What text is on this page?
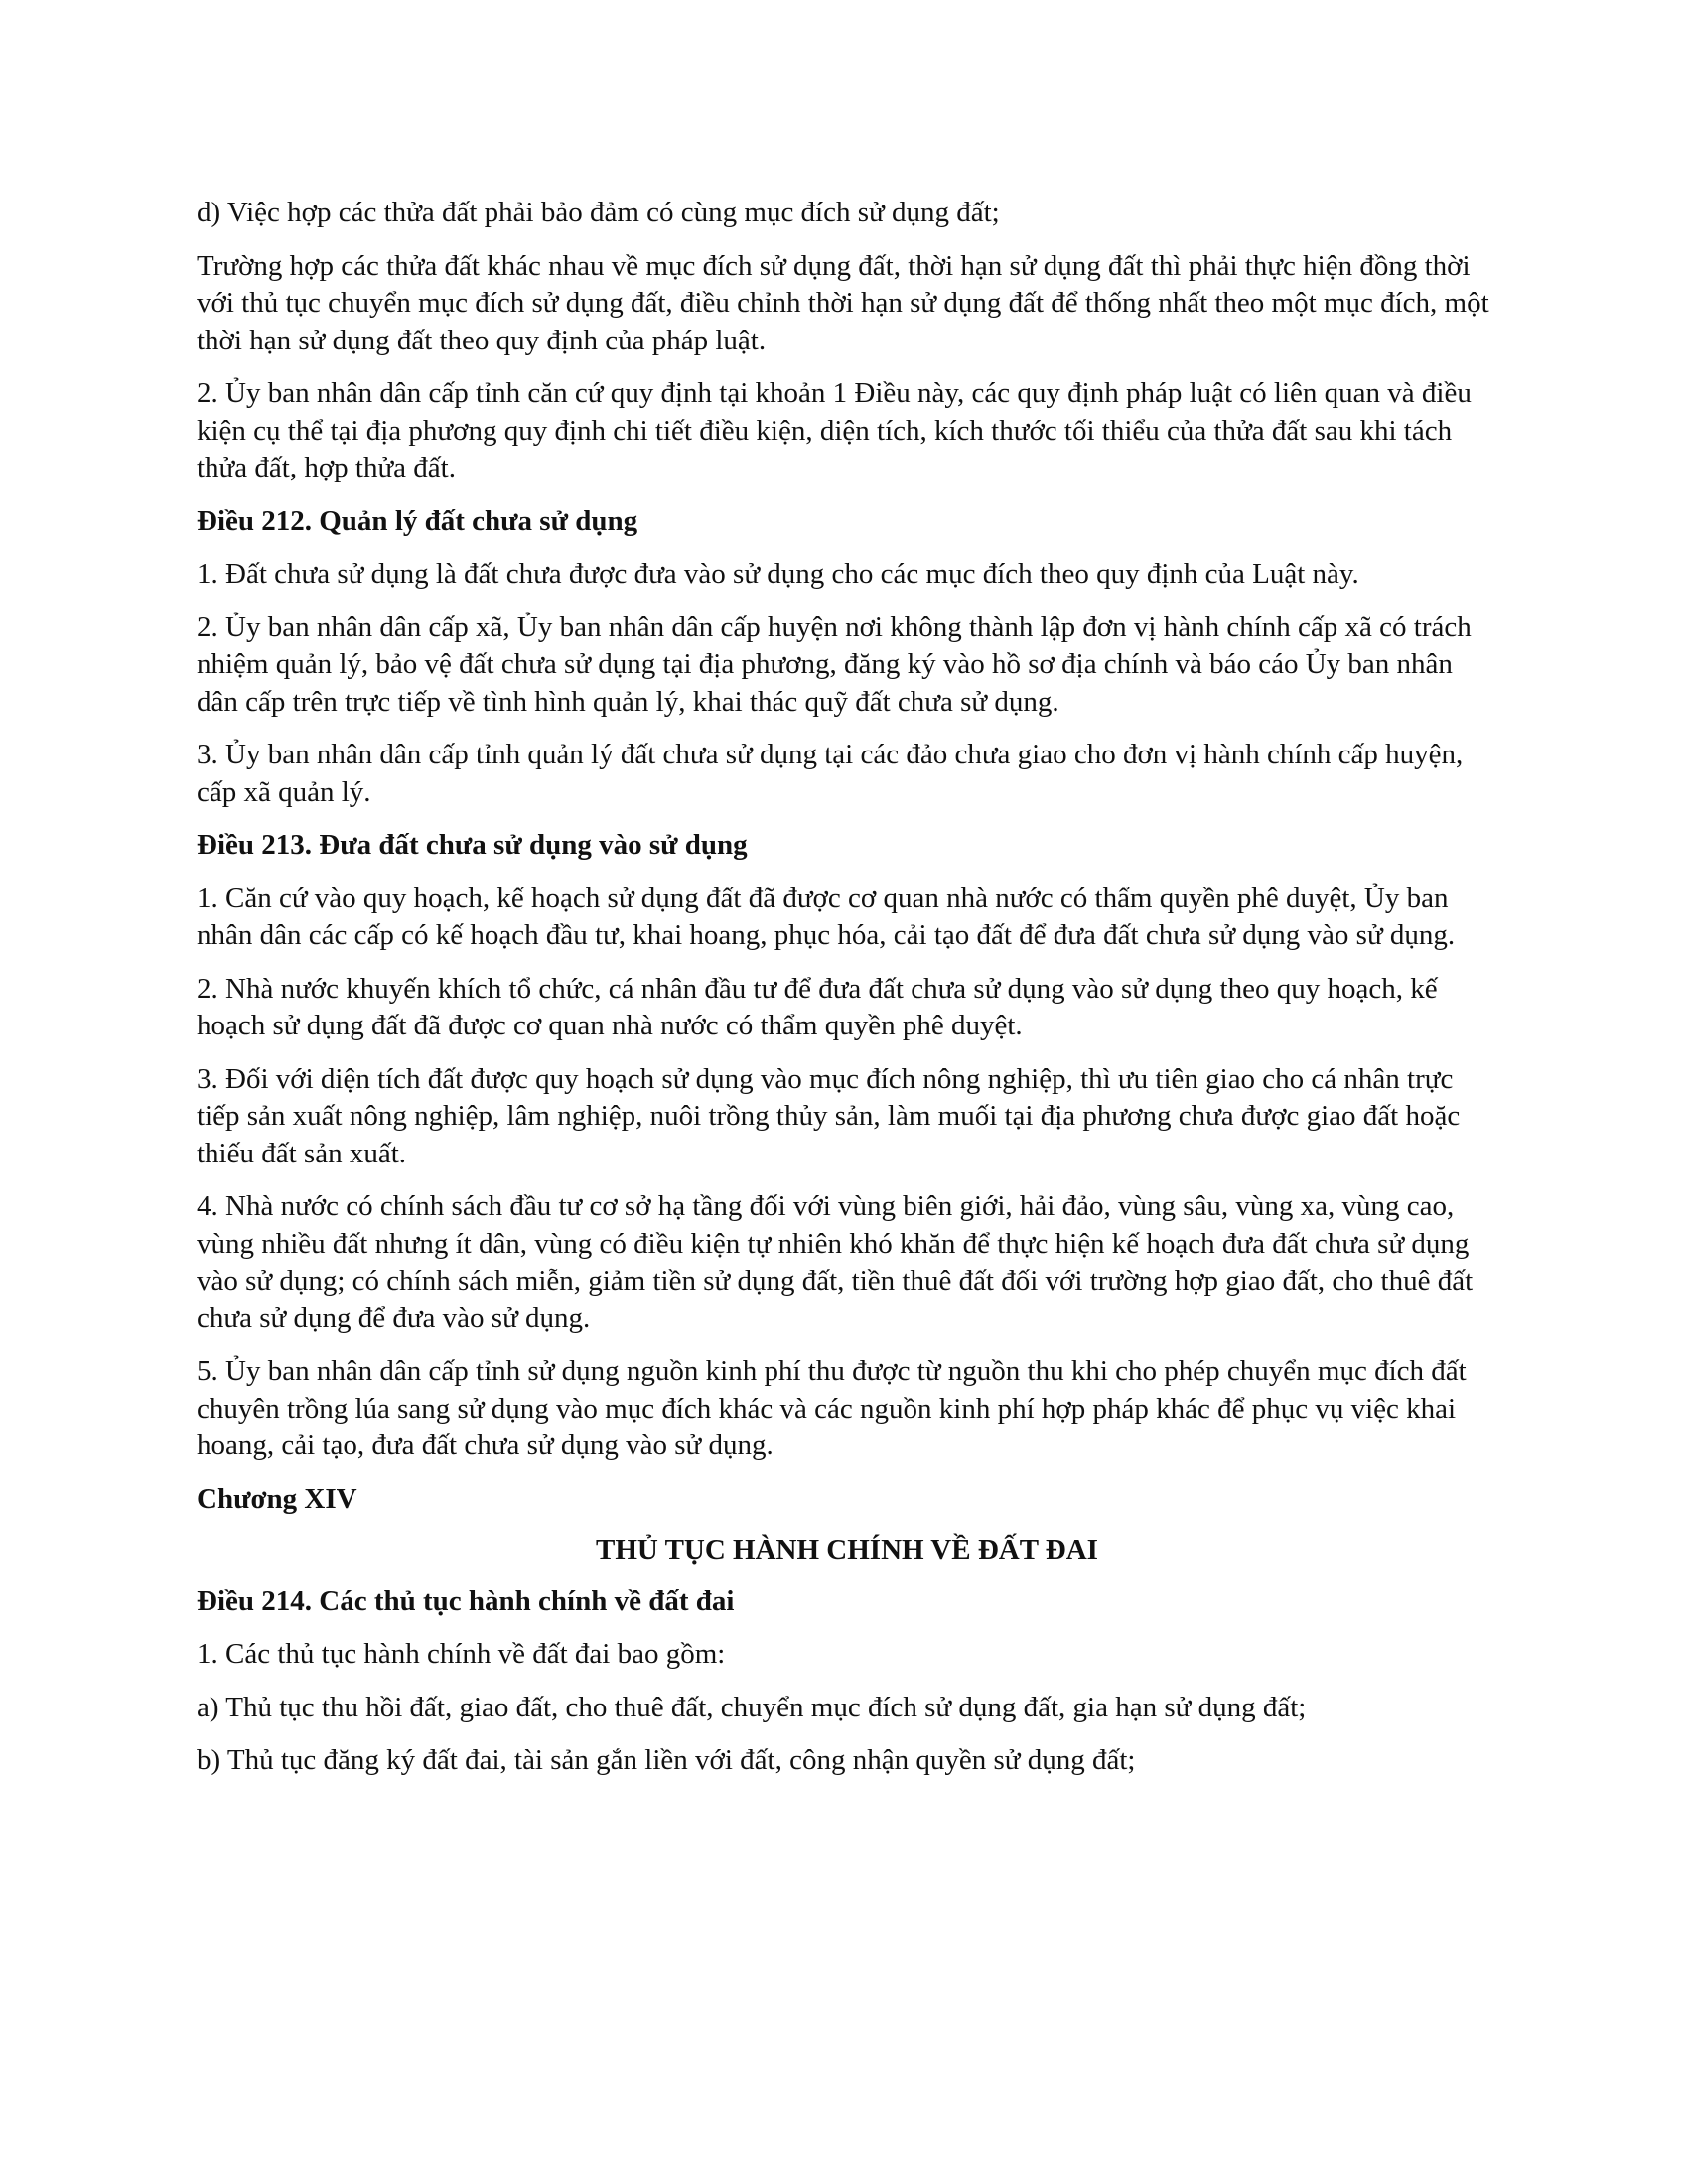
d) Việc hợp các thửa đất phải bảo đảm có cùng mục đích sử dụng đất;

Trường hợp các thửa đất khác nhau về mục đích sử dụng đất, thời hạn sử dụng đất thì phải thực hiện đồng thời với thủ tục chuyển mục đích sử dụng đất, điều chỉnh thời hạn sử dụng đất để thống nhất theo một mục đích, một thời hạn sử dụng đất theo quy định của pháp luật.

2. Ủy ban nhân dân cấp tỉnh căn cứ quy định tại khoản 1 Điều này, các quy định pháp luật có liên quan và điều kiện cụ thể tại địa phương quy định chi tiết điều kiện, diện tích, kích thước tối thiểu của thửa đất sau khi tách thửa đất, hợp thửa đất.

Điều 212. Quản lý đất chưa sử dụng

1. Đất chưa sử dụng là đất chưa được đưa vào sử dụng cho các mục đích theo quy định của Luật này.

2. Ủy ban nhân dân cấp xã, Ủy ban nhân dân cấp huyện nơi không thành lập đơn vị hành chính cấp xã có trách nhiệm quản lý, bảo vệ đất chưa sử dụng tại địa phương, đăng ký vào hồ sơ địa chính và báo cáo Ủy ban nhân dân cấp trên trực tiếp về tình hình quản lý, khai thác quỹ đất chưa sử dụng.

3. Ủy ban nhân dân cấp tỉnh quản lý đất chưa sử dụng tại các đảo chưa giao cho đơn vị hành chính cấp huyện, cấp xã quản lý.

Điều 213. Đưa đất chưa sử dụng vào sử dụng

1. Căn cứ vào quy hoạch, kế hoạch sử dụng đất đã được cơ quan nhà nước có thẩm quyền phê duyệt, Ủy ban nhân dân các cấp có kế hoạch đầu tư, khai hoang, phục hóa, cải tạo đất để đưa đất chưa sử dụng vào sử dụng.

2. Nhà nước khuyến khích tổ chức, cá nhân đầu tư để đưa đất chưa sử dụng vào sử dụng theo quy hoạch, kế hoạch sử dụng đất đã được cơ quan nhà nước có thẩm quyền phê duyệt.

3. Đối với diện tích đất được quy hoạch sử dụng vào mục đích nông nghiệp, thì ưu tiên giao cho cá nhân trực tiếp sản xuất nông nghiệp, lâm nghiệp, nuôi trồng thủy sản, làm muối tại địa phương chưa được giao đất hoặc thiếu đất sản xuất.

4. Nhà nước có chính sách đầu tư cơ sở hạ tầng đối với vùng biên giới, hải đảo, vùng sâu, vùng xa, vùng cao, vùng nhiều đất nhưng ít dân, vùng có điều kiện tự nhiên khó khăn để thực hiện kế hoạch đưa đất chưa sử dụng vào sử dụng; có chính sách miễn, giảm tiền sử dụng đất, tiền thuê đất đối với trường hợp giao đất, cho thuê đất chưa sử dụng để đưa vào sử dụng.

5. Ủy ban nhân dân cấp tỉnh sử dụng nguồn kinh phí thu được từ nguồn thu khi cho phép chuyển mục đích đất chuyên trồng lúa sang sử dụng vào mục đích khác và các nguồn kinh phí hợp pháp khác để phục vụ việc khai hoang, cải tạo, đưa đất chưa sử dụng vào sử dụng.

Chương XIV

THỦ TỤC HÀNH CHÍNH VỀ ĐẤT ĐAI

Điều 214. Các thủ tục hành chính về đất đai

1. Các thủ tục hành chính về đất đai bao gồm:

a) Thủ tục thu hồi đất, giao đất, cho thuê đất, chuyển mục đích sử dụng đất, gia hạn sử dụng đất;

b) Thủ tục đăng ký đất đai, tài sản gắn liền với đất, công nhận quyền sử dụng đất;
